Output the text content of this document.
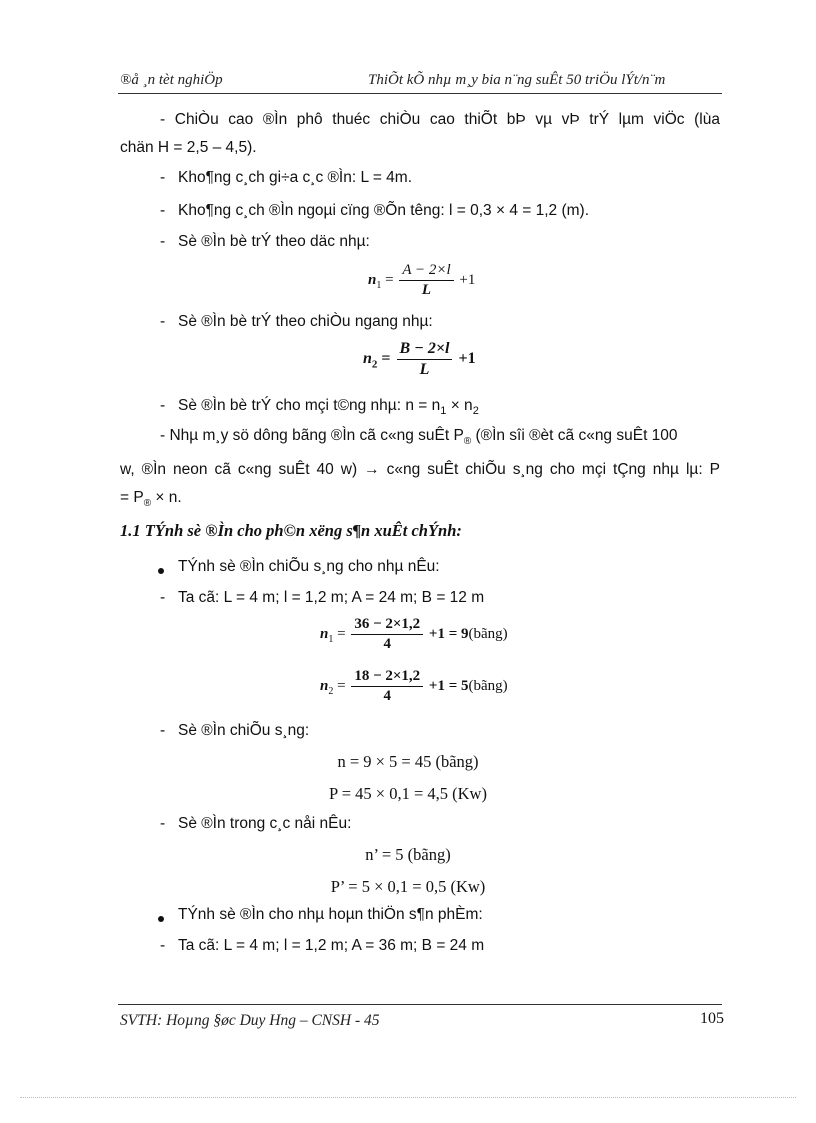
®å ¸n tèt nghiÖp	ThiÕt kÕ nhµ m¸y bia n¨ng suÊt 50 triÖu lÝt/n¨m
- ChiÒu cao ®Ìn phô thuéc chiÒu cao thiÕt bÞ vµ vÞ trÝ lµm viÖc (lùa
chän H = 2,5 – 4,5).
- Kho¶ng c¸ch gi÷a c¸c ®Ìn: L = 4m.
- Kho¶ng c¸ch ®Ìn ngoµi cïng ®Õn têng: l = 0,3 × 4 = 1,2 (m).
- Sè ®Ìn bè trÝ theo däc nhµ:
$n_1 = \frac{A - 2\times l}{L} +1$
- Sè ®Ìn bè trÝ theo chiÒu ngang nhµ:
$n_2 = \frac{B - 2\times l}{L} +1$
- Sè ®Ìn bè trÝ cho mçi t©ng nhµ: $n = n_1 \times n_2$
- Nhµ m¸y sö dông bãng ®Ìn cã c«ng suÊt $P_®$ (®Ìn sîi ®èt cã c«ng suÊt 100
w, ®Ìn neon cã c«ng suÊt 40 w) → c«ng suÊt chiÕu s¸ng cho mçi tÇng nhµ lµ: P
= $P_® \times n$.
1.1 TÝnh sè ®Ìn cho ph©n xëng s¶n xuÊt chÝnh:
TÝnh sè ®Ìn chiÕu s¸ng cho nhµ nÊu:
- Ta cã: L = 4 m; l = 1,2 m; A = 24 m; B = 12 m
$n_1 = \frac{36 - 2\times 1,2}{4} +1$ = 9(bãng)
$n_2 = \frac{18 - 2\times 1,2}{4} +1$ = 5(bãng)
- Sè ®Ìn chiÕu s¸ng:
n = 9 × 5 = 45 (bãng)
P = 45 × 0,1 = 4,5 (Kw)
- Sè ®Ìn trong c¸c nåi nÊu:
n’ = 5 (bãng)
P’ = 5 × 0,1 = 0,5 (Kw)
TÝnh sè ®Ìn cho nhµ hoµn thiÖn s¶n phÈm:
- Ta cã: L = 4 m; l = 1,2 m; A = 36 m; B = 24 m
SVTH: Hoµng §øc Duy Hng – CNSH - 45	105
